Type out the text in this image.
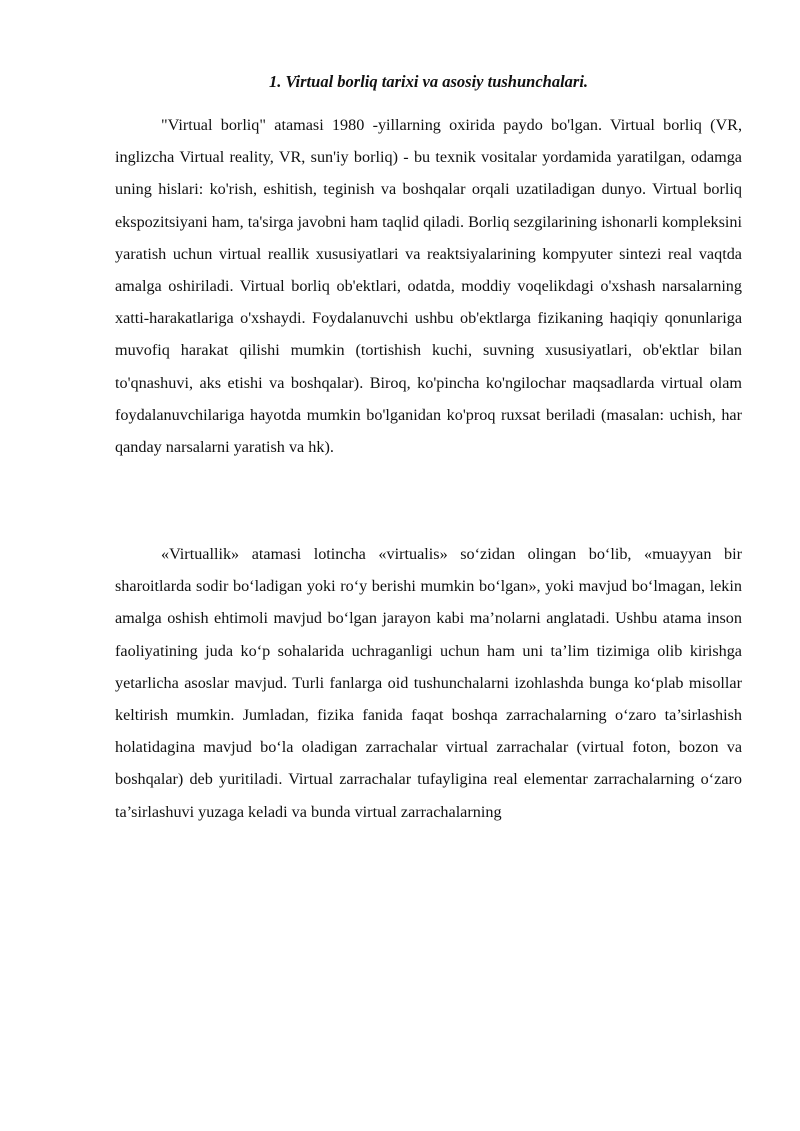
1. Virtual borliq tarixi va asosiy tushunchalari.

"Virtual borliq" atamasi 1980 -yillarning oxirida paydo bo'lgan. Virtual borliq (VR, inglizcha Virtual reality, VR, sun'iy borliq) - bu texnik vositalar yordamida yaratilgan, odamga uning hislari: ko'rish, eshitish, teginish va boshqalar orqali uzatiladigan dunyo. Virtual borliq ekspozitsiyani ham, ta'sirga javobni ham taqlid qiladi. Borliq sezgilarining ishonarli kompleksini yaratish uchun virtual reallik xususiyatlari va reaktsiyalarining kompyuter sintezi real vaqtda amalga oshiriladi. Virtual borliq ob'ektlari, odatda, moddiy voqelikdagi o'xshash narsalarning xatti-harakatlariga o'xshaydi. Foydalanuvchi ushbu ob'ektlarga fizikaning haqiqiy qonunlariga muvofiq harakat qilishi mumkin (tortishish kuchi, suvning xususiyatlari, ob'ektlar bilan to'qnashuvi, aks etishi va boshqalar). Biroq, ko'pincha ko'ngilochar maqsadlarda virtual olam foydalanuvchilariga hayotda mumkin bo'lganidan ko'proq ruxsat beriladi (masalan: uchish, har qanday narsalarni yaratish va hk).

«Virtuallik» atamasi lotincha «virtualis» so‘zidan olingan bo‘lib, «muayyan bir sharoitlarda sodir bo‘ladigan yoki ro‘y berishi mumkin bo‘lgan», yoki mavjud bo‘lmagan, lekin amalga oshish ehtimoli mavjud bo‘lgan jarayon kabi ma’nolarni anglatadi. Ushbu atama inson faoliyatining juda ko‘p sohalarida uchraganligi uchun ham uni ta’lim tizimiga olib kirishga yetarlicha asoslar mavjud. Turli fanlarga oid tushunchalarni izohlashda bunga ko‘plab misollar keltirish mumkin. Jumladan, fizika fanida faqat boshqa zarrachalarning o‘zaro ta’sirlashish holatidagina mavjud bo‘la oladigan zarrachalar virtual zarrachalar (virtual foton, bozon va boshqalar) deb yuritiladi. Virtual zarrachalar tufayligina real elementar zarrachalarning o‘zaro ta’sirlashuvi yuzaga keladi va bunda virtual zarrachalarning
